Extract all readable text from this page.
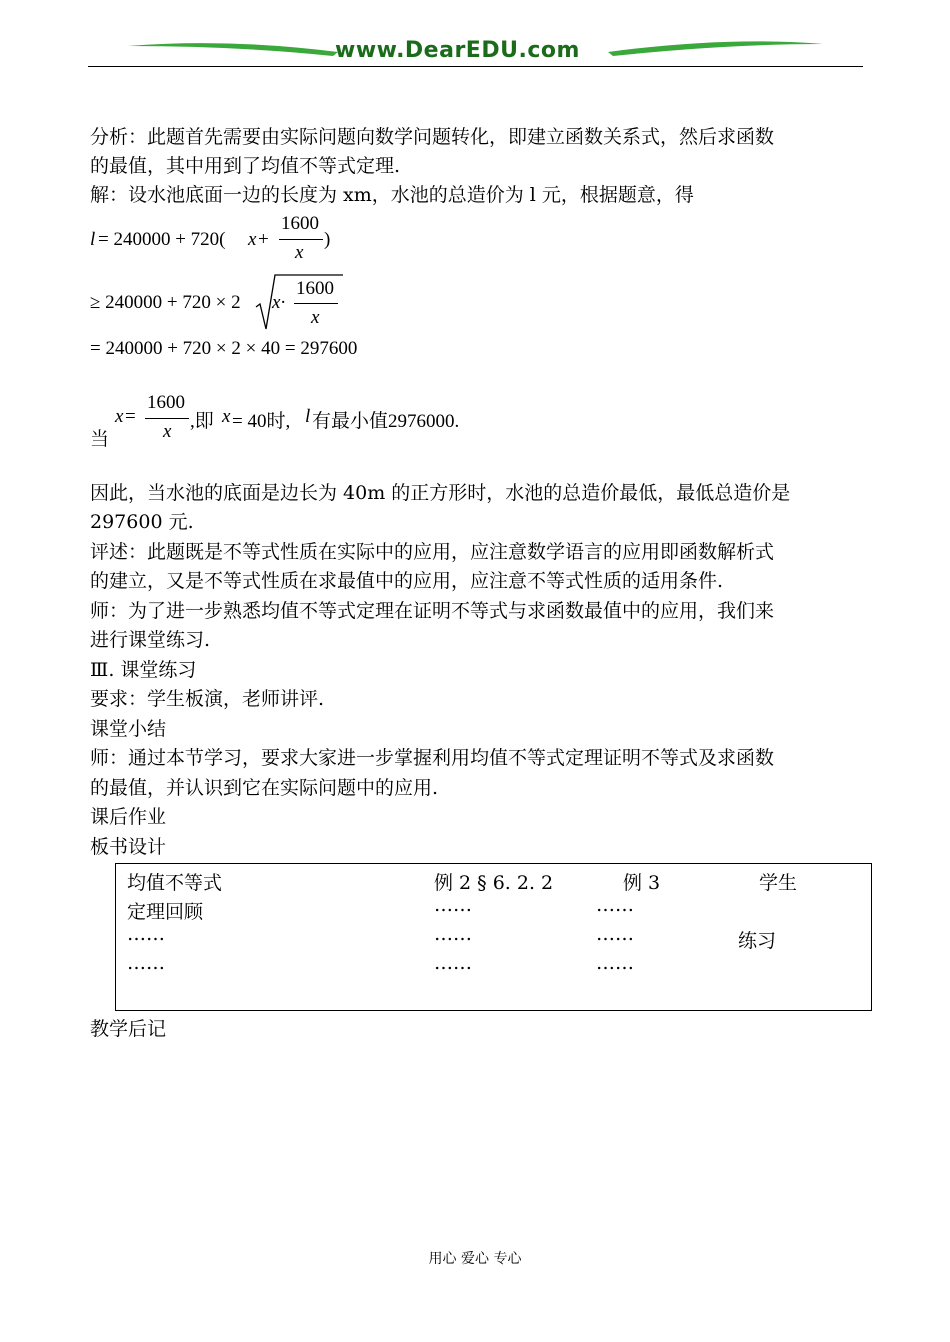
www.DearEDU.com
分析：此题首先需要由实际问题向数学问题转化，即建立函数关系式，然后求函数
的最值，其中用到了均值不等式定理.
解：设水池底面一边的长度为 xm，水池的总造价为 l 元，根据题意，得
l = 240000 + 720( x +
1600
x
)
≥ 240000 + 720 × 2 x ·
1600
x
= 240000 + 720 × 2 × 40 = 297600
当
x =
1600
x ,即 x = 40时, l 有最小值2976000.
因此，当水池的底面是边长为 40m 的正方形时，水池的总造价最低，最低总造价是
297600 元.
评述：此题既是不等式性质在实际中的应用，应注意数学语言的应用即函数解析式
的建立，又是不等式性质在求最值中的应用，应注意不等式性质的适用条件.
师：为了进一步熟悉均值不等式定理在证明不等式与求函数最值中的应用，我们来
进行课堂练习.
Ⅲ. 课堂练习
要求：学生板演，老师讲评.
课堂小结
师：通过本节学习，要求大家进一步掌握利用均值不等式定理证明不等式及求函数
的最值，并认识到它在实际问题中的应用.
课后作业
板书设计
均值不等式	例 2 § 6. 2. 2	例 3	学生
定理回顾	……	……
……	……	……	练习
……	……	……
教学后记
用心 爱心 专心
